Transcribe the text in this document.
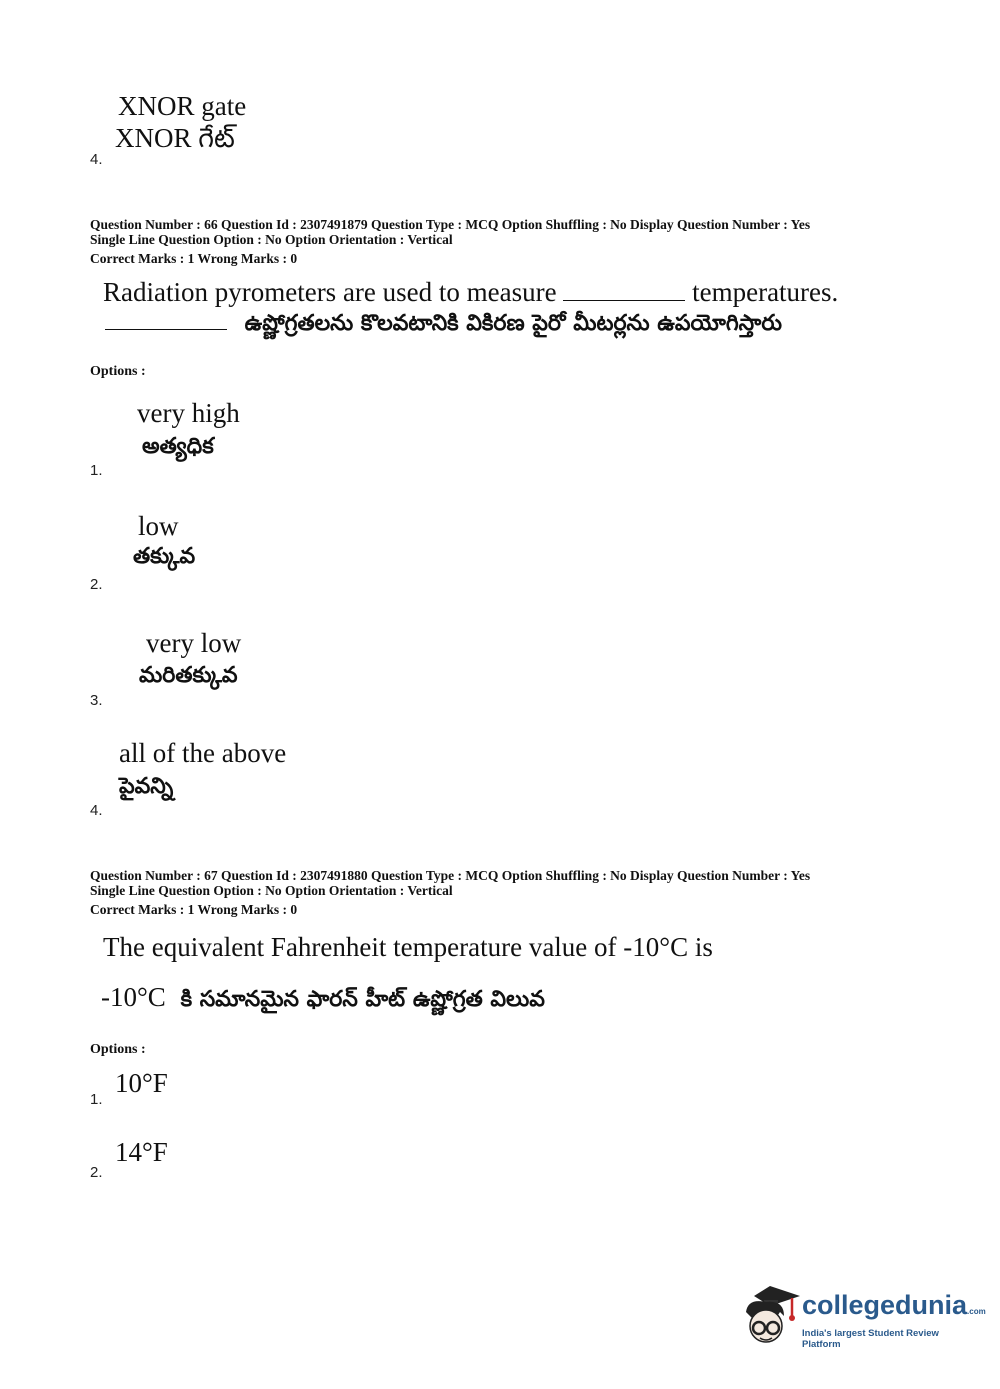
XNOR gate
XNOR గేట్
4.
Question Number : 66 Question Id : 2307491879 Question Type : MCQ Option Shuffling : No Display Question Number : Yes
Single Line Question Option : No Option Orientation : Vertical
Correct Marks : 1 Wrong Marks : 0
Radiation pyrometers are used to measure	temperatures.
ఉష్ణోగ్రతలను కొలవటానికి వికిరణ పైరో మీటర్లను ఉపయోగిస్తారు
Options :
very high
అత్యధిక
1.
low
తక్కువ
2.
very low
మరితక్కువ
3.
all of the above
పైవన్ని
4.
Question Number : 67 Question Id : 2307491880 Question Type : MCQ Option Shuffling : No Display Question Number : Yes
Single Line Question Option : No Option Orientation : Vertical
Correct Marks : 1 Wrong Marks : 0
The equivalent Fahrenheit temperature value of -10°C is
-10°C కి సమానమైన ఫారన్ హీట్ ఉష్ణోగ్రత విలువ
Options :
10°F
1.
14°F
2.
collegedunia.com
India's largest Student Review Platform
